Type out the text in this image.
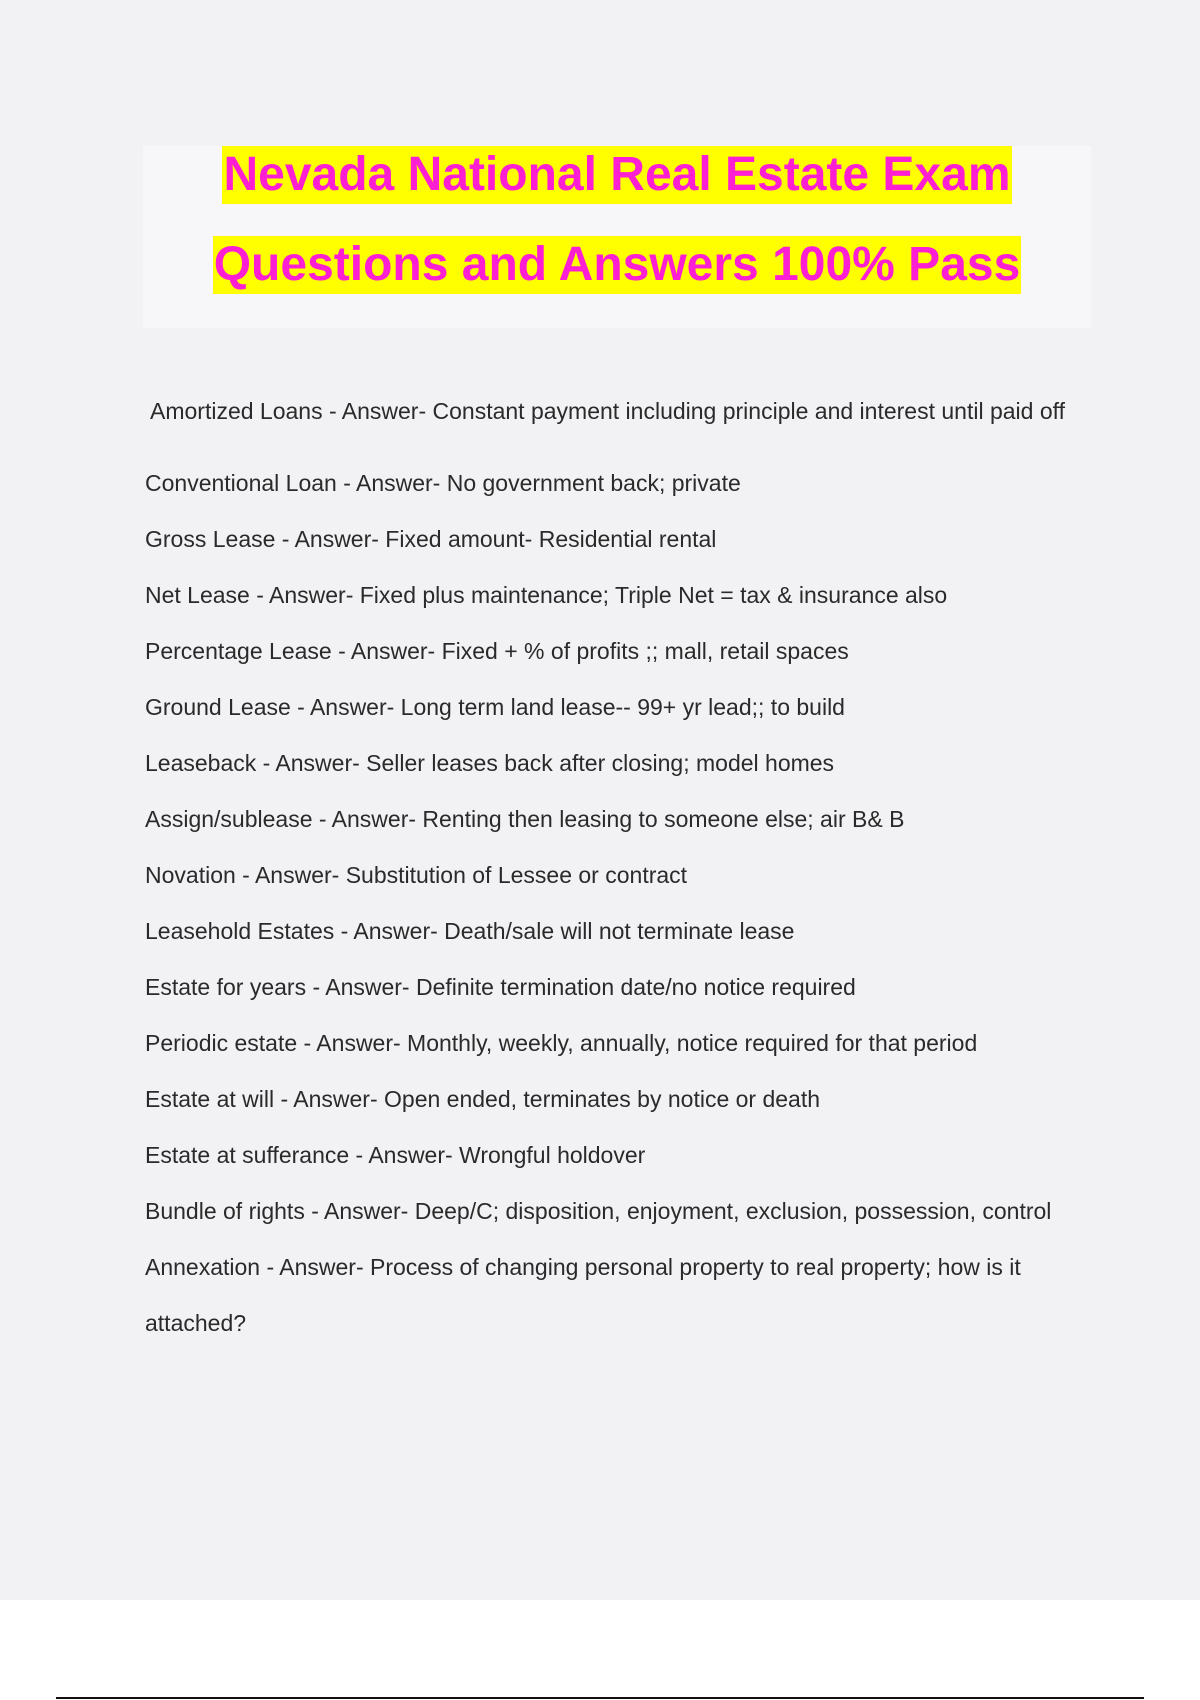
Nevada National Real Estate Exam
Questions and Answers 100% Pass
Amortized Loans - Answer- Constant payment including principle and interest until paid off
Conventional Loan - Answer- No government back; private
Gross Lease - Answer- Fixed amount- Residential rental
Net Lease - Answer- Fixed plus maintenance; Triple Net = tax & insurance also
Percentage Lease - Answer- Fixed + % of profits ;; mall, retail spaces
Ground Lease - Answer- Long term land lease-- 99+ yr lead;; to build
Leaseback - Answer- Seller leases back after closing; model homes
Assign/sublease - Answer- Renting then leasing to someone else; air B& B
Novation - Answer- Substitution of Lessee or contract
Leasehold Estates - Answer- Death/sale will not terminate lease
Estate for years - Answer- Definite termination date/no notice required
Periodic estate - Answer- Monthly, weekly, annually, notice required for that period
Estate at will - Answer- Open ended, terminates by notice or death
Estate at sufferance - Answer- Wrongful holdover
Bundle of rights - Answer- Deep/C; disposition, enjoyment, exclusion, possession, control
Annexation - Answer- Process of changing personal property to real property; how is it attached?
